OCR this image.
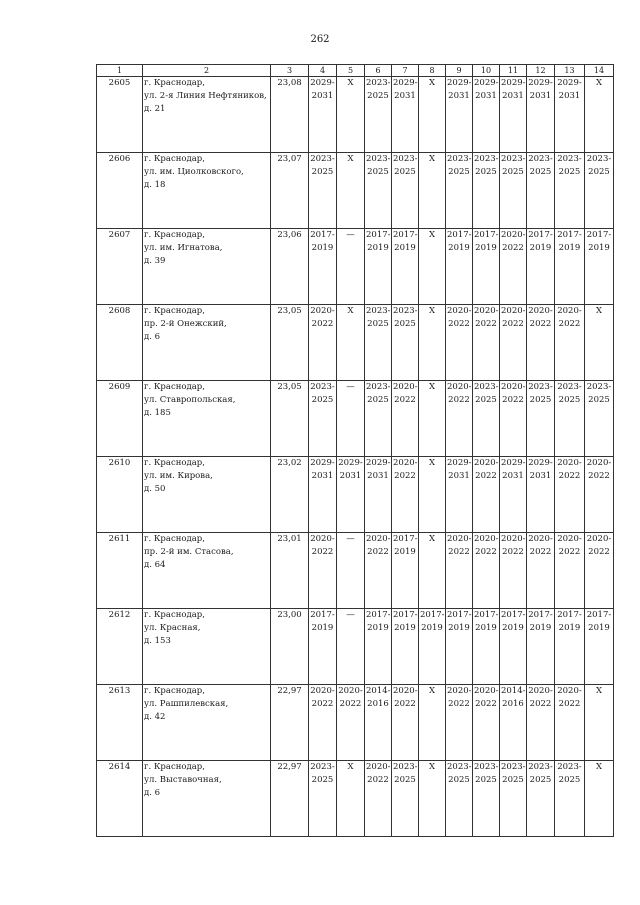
262
1	2	3	4	5	6	7	8	9	10	11	12	13	14
2605	г. Краснодар,
ул. 2-я Линия Нефтяников,
д. 21	23,08	2029-
2031	X	2023-
2025	2029-
2031	X	2029-
2031	2029-
2031	2029-
2031	2029-
2031	2029-
2031	X

2606	г. Краснодар,
ул. им. Циолковского,
д. 18	23,07	2023-
2025	X	2023-
2025	2023-
2025	X	2023-
2025	2023-
2025	2023-
2025	2023-
2025	2023-
2025	2023-
2025

2607	г. Краснодар,
ул. им. Игнатова,
д. 39	23,06	2017-
2019	—	2017-
2019	2017-
2019	X	2017-
2019	2017-
2019	2020-
2022	2017-
2019	2017-
2019	2017-
2019

2608	г. Краснодар,
пр. 2-й Онежский,
д. 6	23,05	2020-
2022	X	2023-
2025	2023-
2025	X	2020-
2022	2020-
2022	2020-
2022	2020-
2022	2020-
2022	X

2609	г. Краснодар,
ул. Ставропольская,
д. 185	23,05	2023-
2025	—	2023-
2025	2020-
2022	X	2020-
2022	2023-
2025	2020-
2022	2023-
2025	2023-
2025	2023-
2025

2610	г. Краснодар,
ул. им. Кирова,
д. 50	23,02	2029-
2031	2029-
2031	2029-
2031	2020-
2022	X	2029-
2031	2020-
2022	2029-
2031	2029-
2031	2020-
2022	2020-
2022

2611	г. Краснодар,
пр. 2-й им. Стасова,
д. 64	23,01	2020-
2022	—	2020-
2022	2017-
2019	X	2020-
2022	2020-
2022	2020-
2022	2020-
2022	2020-
2022	2020-
2022

2612	г. Краснодар,
ул. Красная,
д. 153	23,00	2017-
2019	—	2017-
2019	2017-
2019	2017-
2019	2017-
2019	2017-
2019	2017-
2019	2017-
2019	2017-
2019	2017-
2019

2613	г. Краснодар,
ул. Рашпилевская,
д. 42	22,97	2020-
2022	2020-
2022	2014-
2016	2020-
2022	X	2020-
2022	2020-
2022	2014-
2016	2020-
2022	2020-
2022	X

2614	г. Краснодар,
ул. Выставочная,
д. 6	22,97	2023-
2025	X	2020-
2022	2023-
2025	X	2023-
2025	2023-
2025	2023-
2025	2023-
2025	2023-
2025	X
